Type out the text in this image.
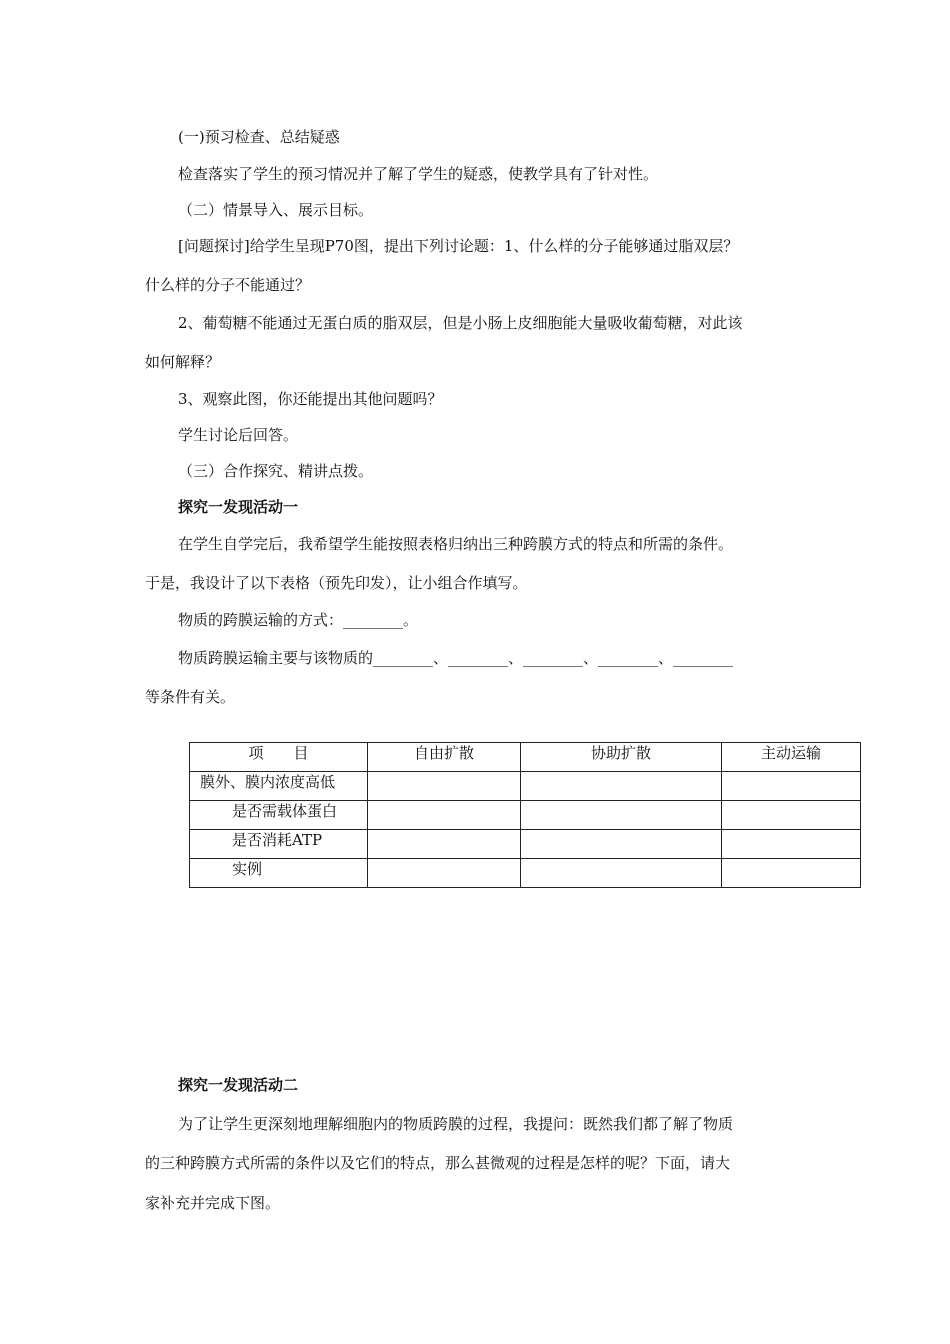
(一)预习检查、总结疑惑
检查落实了学生的预习情况并了解了学生的疑惑，使教学具有了针对性。
（二）情景导入、展示目标。
[问题探讨]给学生呈现P70图，提出下列讨论题：1、什么样的分子能够通过脂双层？
什么样的分子不能通过？
2、葡萄糖不能通过无蛋白质的脂双层，但是小肠上皮细胞能大量吸收葡萄糖，对此该
如何解释？
3、观察此图，你还能提出其他问题吗？
学生讨论后回答。
（三）合作探究、精讲点拨。
探究一发现活动一
在学生自学完后，我希望学生能按照表格归纳出三种跨膜方式的特点和所需的条件。
于是，我设计了以下表格（预先印发），让小组合作填写。
物质的跨膜运输的方式：________。
物质跨膜运输主要与该物质的________、________、________、________、________
等条件有关。
项　　目	自由扩散	协助扩散	主动运输
膜外、膜内浓度高低			
是否需载体蛋白			
是否消耗ATP			
实例			
探究一发现活动二
为了让学生更深刻地理解细胞内的物质跨膜的过程，我提问：既然我们都了解了物质
的三种跨膜方式所需的条件以及它们的特点，那么甚微观的过程是怎样的呢？下面，请大
家补充并完成下图。
